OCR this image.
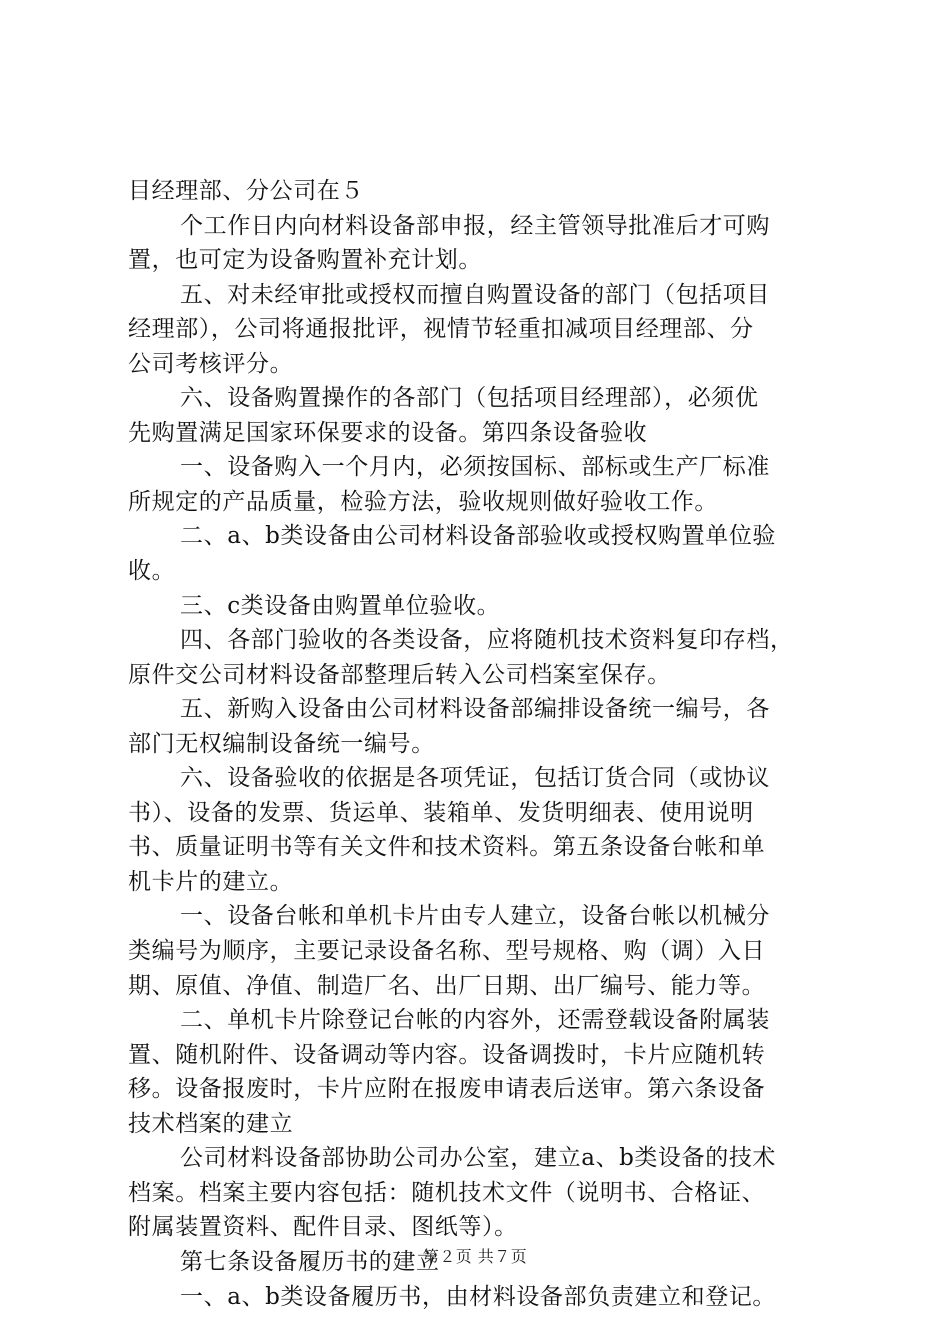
目经理部、分公司在５
个工作日内向材料设备部申报，经主管领导批准后才可购
置，也可定为设备购置补充计划。
五、对未经审批或授权而擅自购置设备的部门（包括项目
经理部），公司将通报批评，视情节轻重扣减项目经理部、分
公司考核评分。
六、设备购置操作的各部门（包括项目经理部），必须优
先购置满足国家环保要求的设备。第四条设备验收
一、设备购入一个月内，必须按国标、部标或生产厂标准
所规定的产品质量，检验方法，验收规则做好验收工作。
二、a、b类设备由公司材料设备部验收或授权购置单位验
收。
三、c类设备由购置单位验收。
四、各部门验收的各类设备，应将随机技术资料复印存档，
原件交公司材料设备部整理后转入公司档案室保存。
五、新购入设备由公司材料设备部编排设备统一编号，各
部门无权编制设备统一编号。
六、设备验收的依据是各项凭证，包括订货合同（或协议
书）、设备的发票、货运单、装箱单、发货明细表、使用说明
书、质量证明书等有关文件和技术资料。第五条设备台帐和单
机卡片的建立。
一、设备台帐和单机卡片由专人建立，设备台帐以机械分
类编号为顺序，主要记录设备名称、型号规格、购（调）入日
期、原值、净值、制造厂名、出厂日期、出厂编号、能力等。
二、单机卡片除登记台帐的内容外，还需登载设备附属装
置、随机附件、设备调动等内容。设备调拨时，卡片应随机转
移。设备报废时，卡片应附在报废申请表后送审。第六条设备
技术档案的建立
公司材料设备部协助公司办公室，建立a、b类设备的技术
档案。档案主要内容包括：随机技术文件（说明书、合格证、
附属装置资料、配件目录、图纸等）。
第七条设备履历书的建立
一、a、b类设备履历书，由材料设备部负责建立和登记。
第２页 共７页
